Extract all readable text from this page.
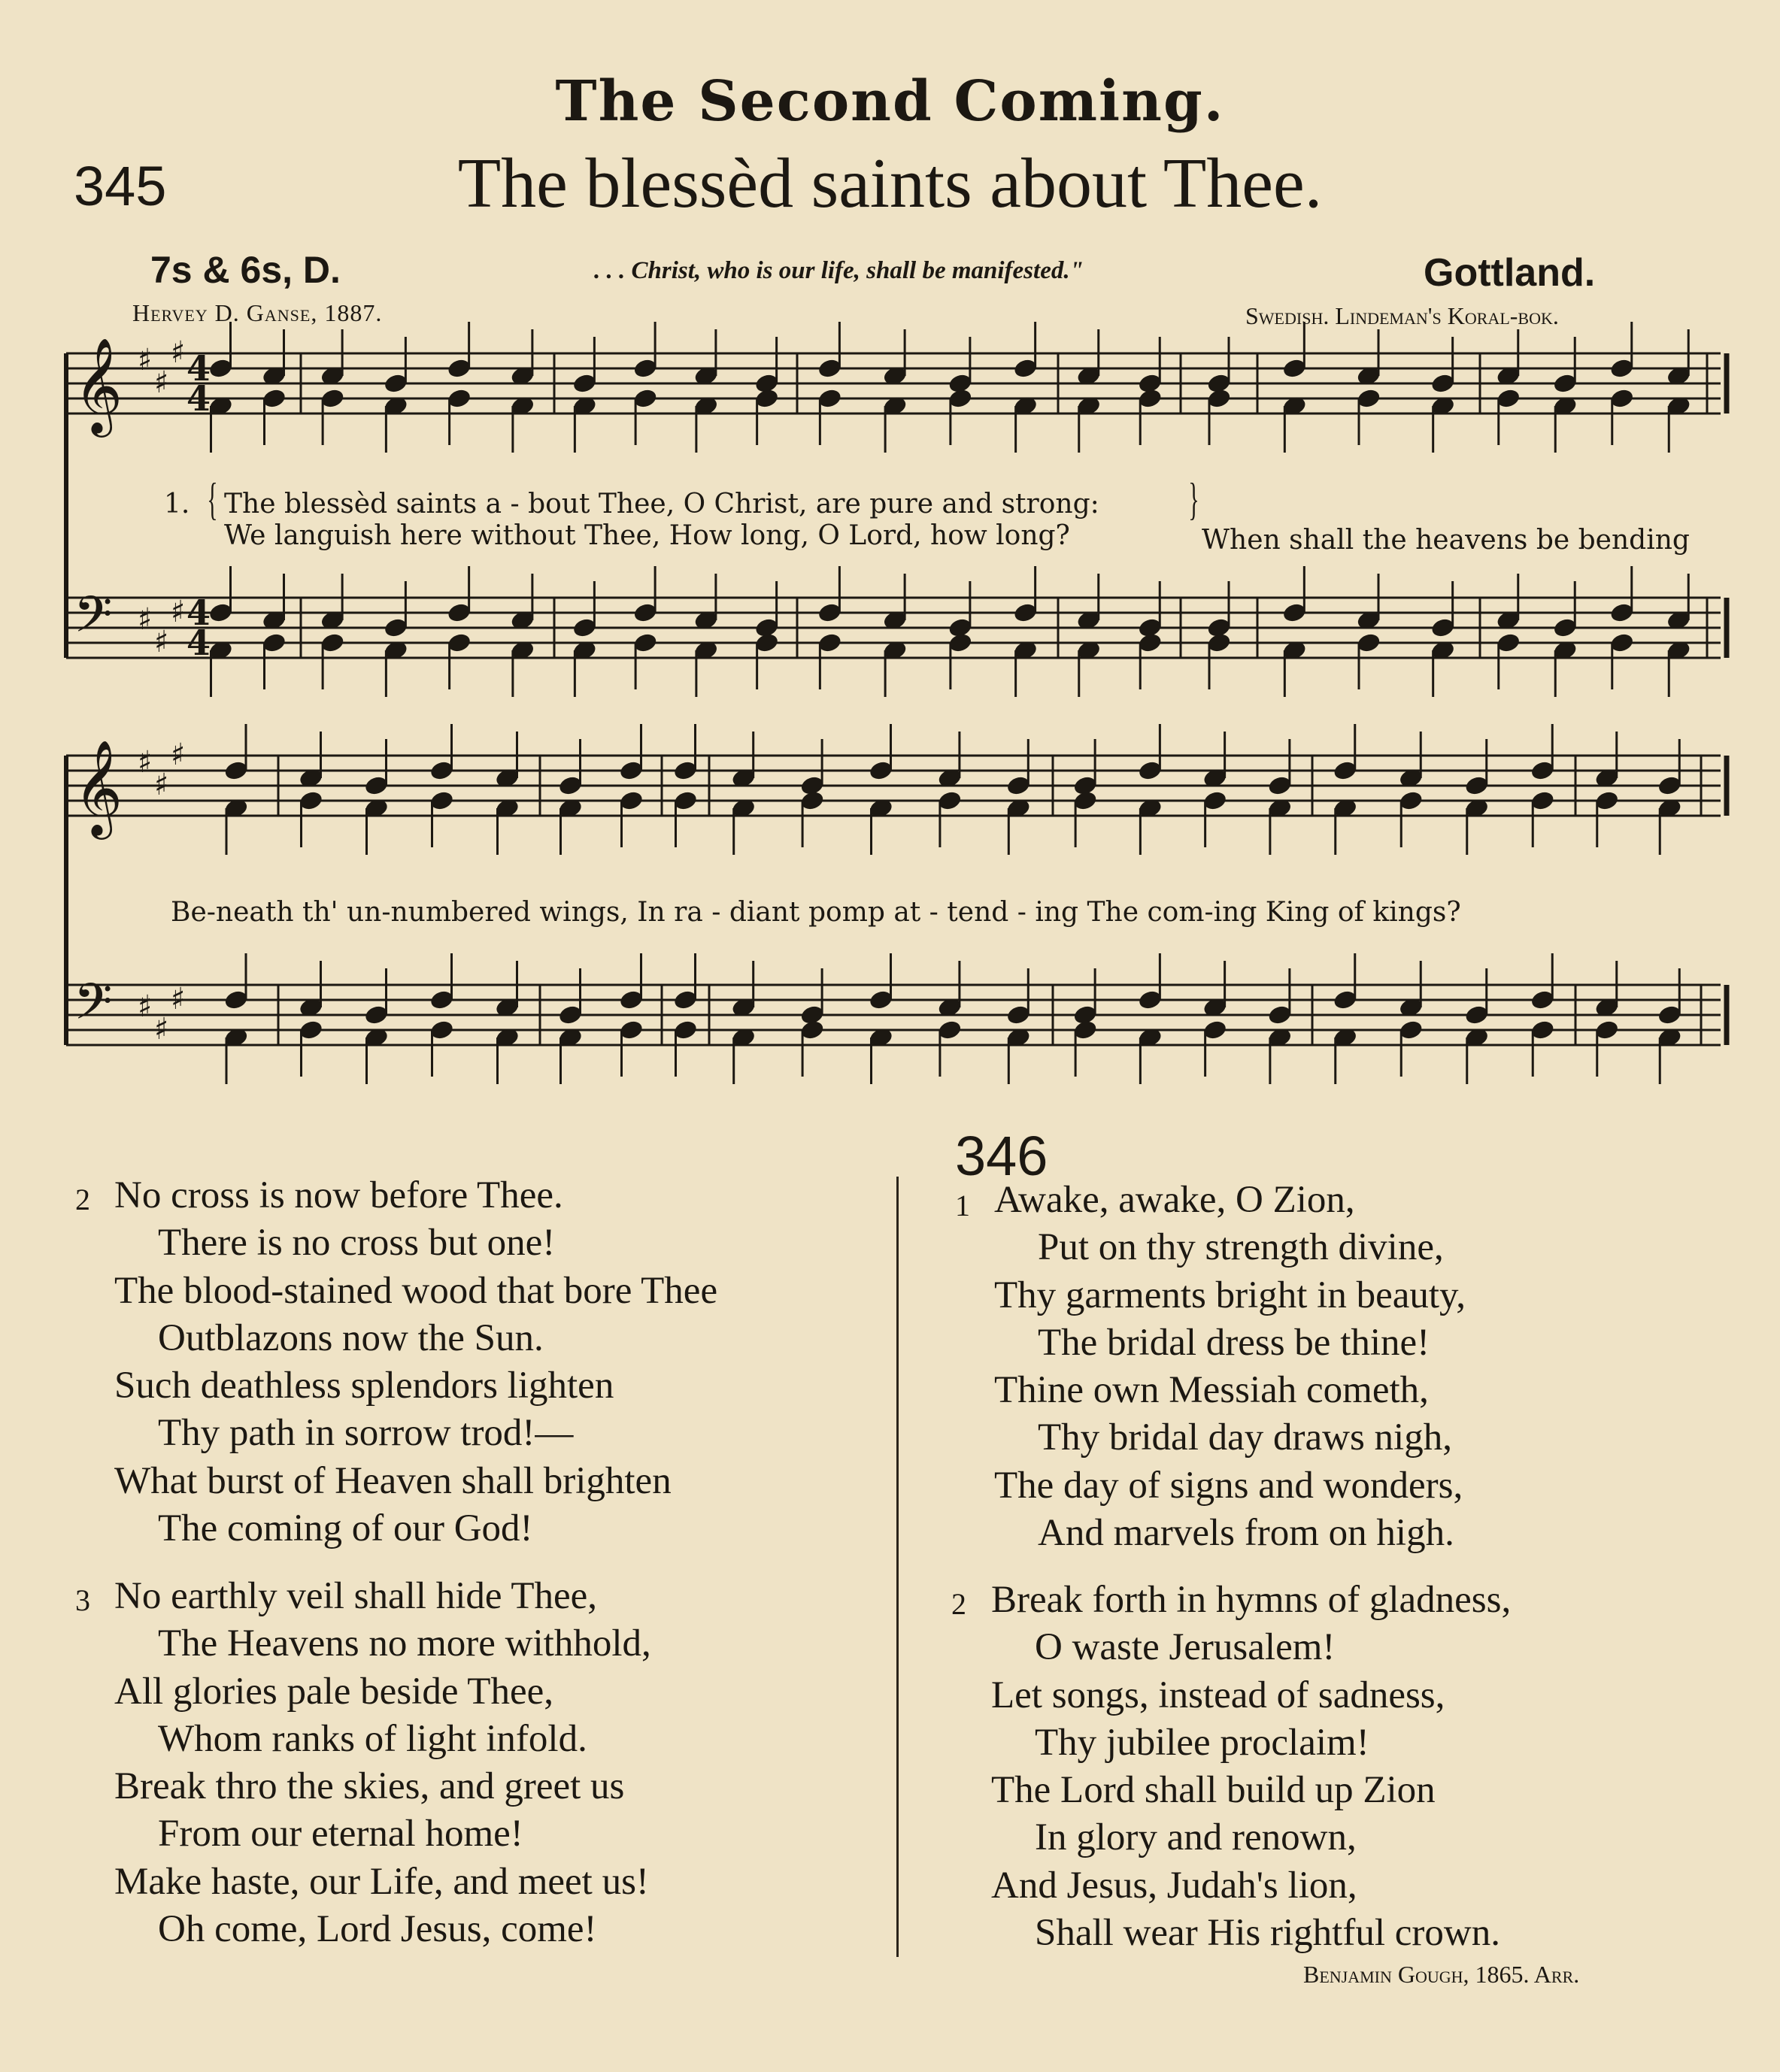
The Second Coming.
345	The blessèd saints about Thee.
7s & 6s, D.	. . . Christ, who is our life, shall be manifested."	Gottland.
Hervey D. Ganse, 1887.	Swedish. Lindeman's Koral-bok.
𝄞
𝄢
♯
♯
♯
♯
♯
♯
𝄞
𝄢
♯
♯
♯
♯
♯
♯
4
4
4
4
1. { The blessèd saints a - bout Thee, O Christ, are pure and strong:
We languish here without Thee, How long, O Lord, how long?
}
When shall the heavens be bending
Be-neath th' un-numbered wings, In ra - diant pomp at - tend - ing The com-ing King of kings?
2 No cross is now before Thee.
There is no cross but one!
The blood-stained wood that bore Thee
Outblazons now the Sun.
Such deathless splendors lighten
Thy path in sorrow trod!—
What burst of Heaven shall brighten
The coming of our God!
3 No earthly veil shall hide Thee,
The Heavens no more withhold,
All glories pale beside Thee,
Whom ranks of light infold.
Break thro the skies, and greet us
From our eternal home!
Make haste, our Life, and meet us!
Oh come, Lord Jesus, come!
346
1 Awake, awake, O Zion,
Put on thy strength divine,
Thy garments bright in beauty,
The bridal dress be thine!
Thine own Messiah cometh,
Thy bridal day draws nigh,
The day of signs and wonders,
And marvels from on high.
2 Break forth in hymns of gladness,
O waste Jerusalem!
Let songs, instead of sadness,
Thy jubilee proclaim!
The Lord shall build up Zion
In glory and renown,
And Jesus, Judah's lion,
Shall wear His rightful crown.
Benjamin Gough, 1865. Arr.
